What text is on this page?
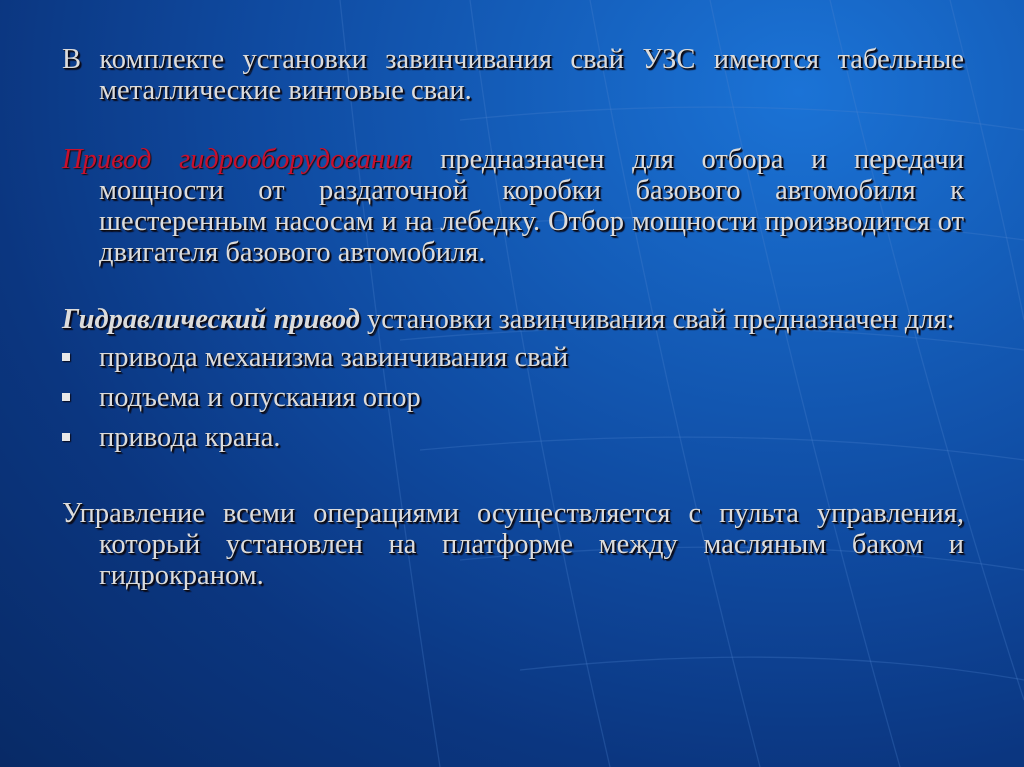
В комплекте установки завинчивания свай УЗС имеются табельные металлические винтовые сваи.

Привод гидрооборудования предназначен для отбора и передачи мощности от раздаточной коробки базового автомобиля к шестеренным насосам и на лебедку. Отбор мощности производится от двигателя базового автомобиля.

Гидравлический привод установки завинчивания свай предназначен для:

привода механизма завинчивания свай
подъема и опускания опор
привода крана.

Управление всеми операциями осуществляется с пульта управления, который установлен на платформе между масляным баком и гидрокраном.
